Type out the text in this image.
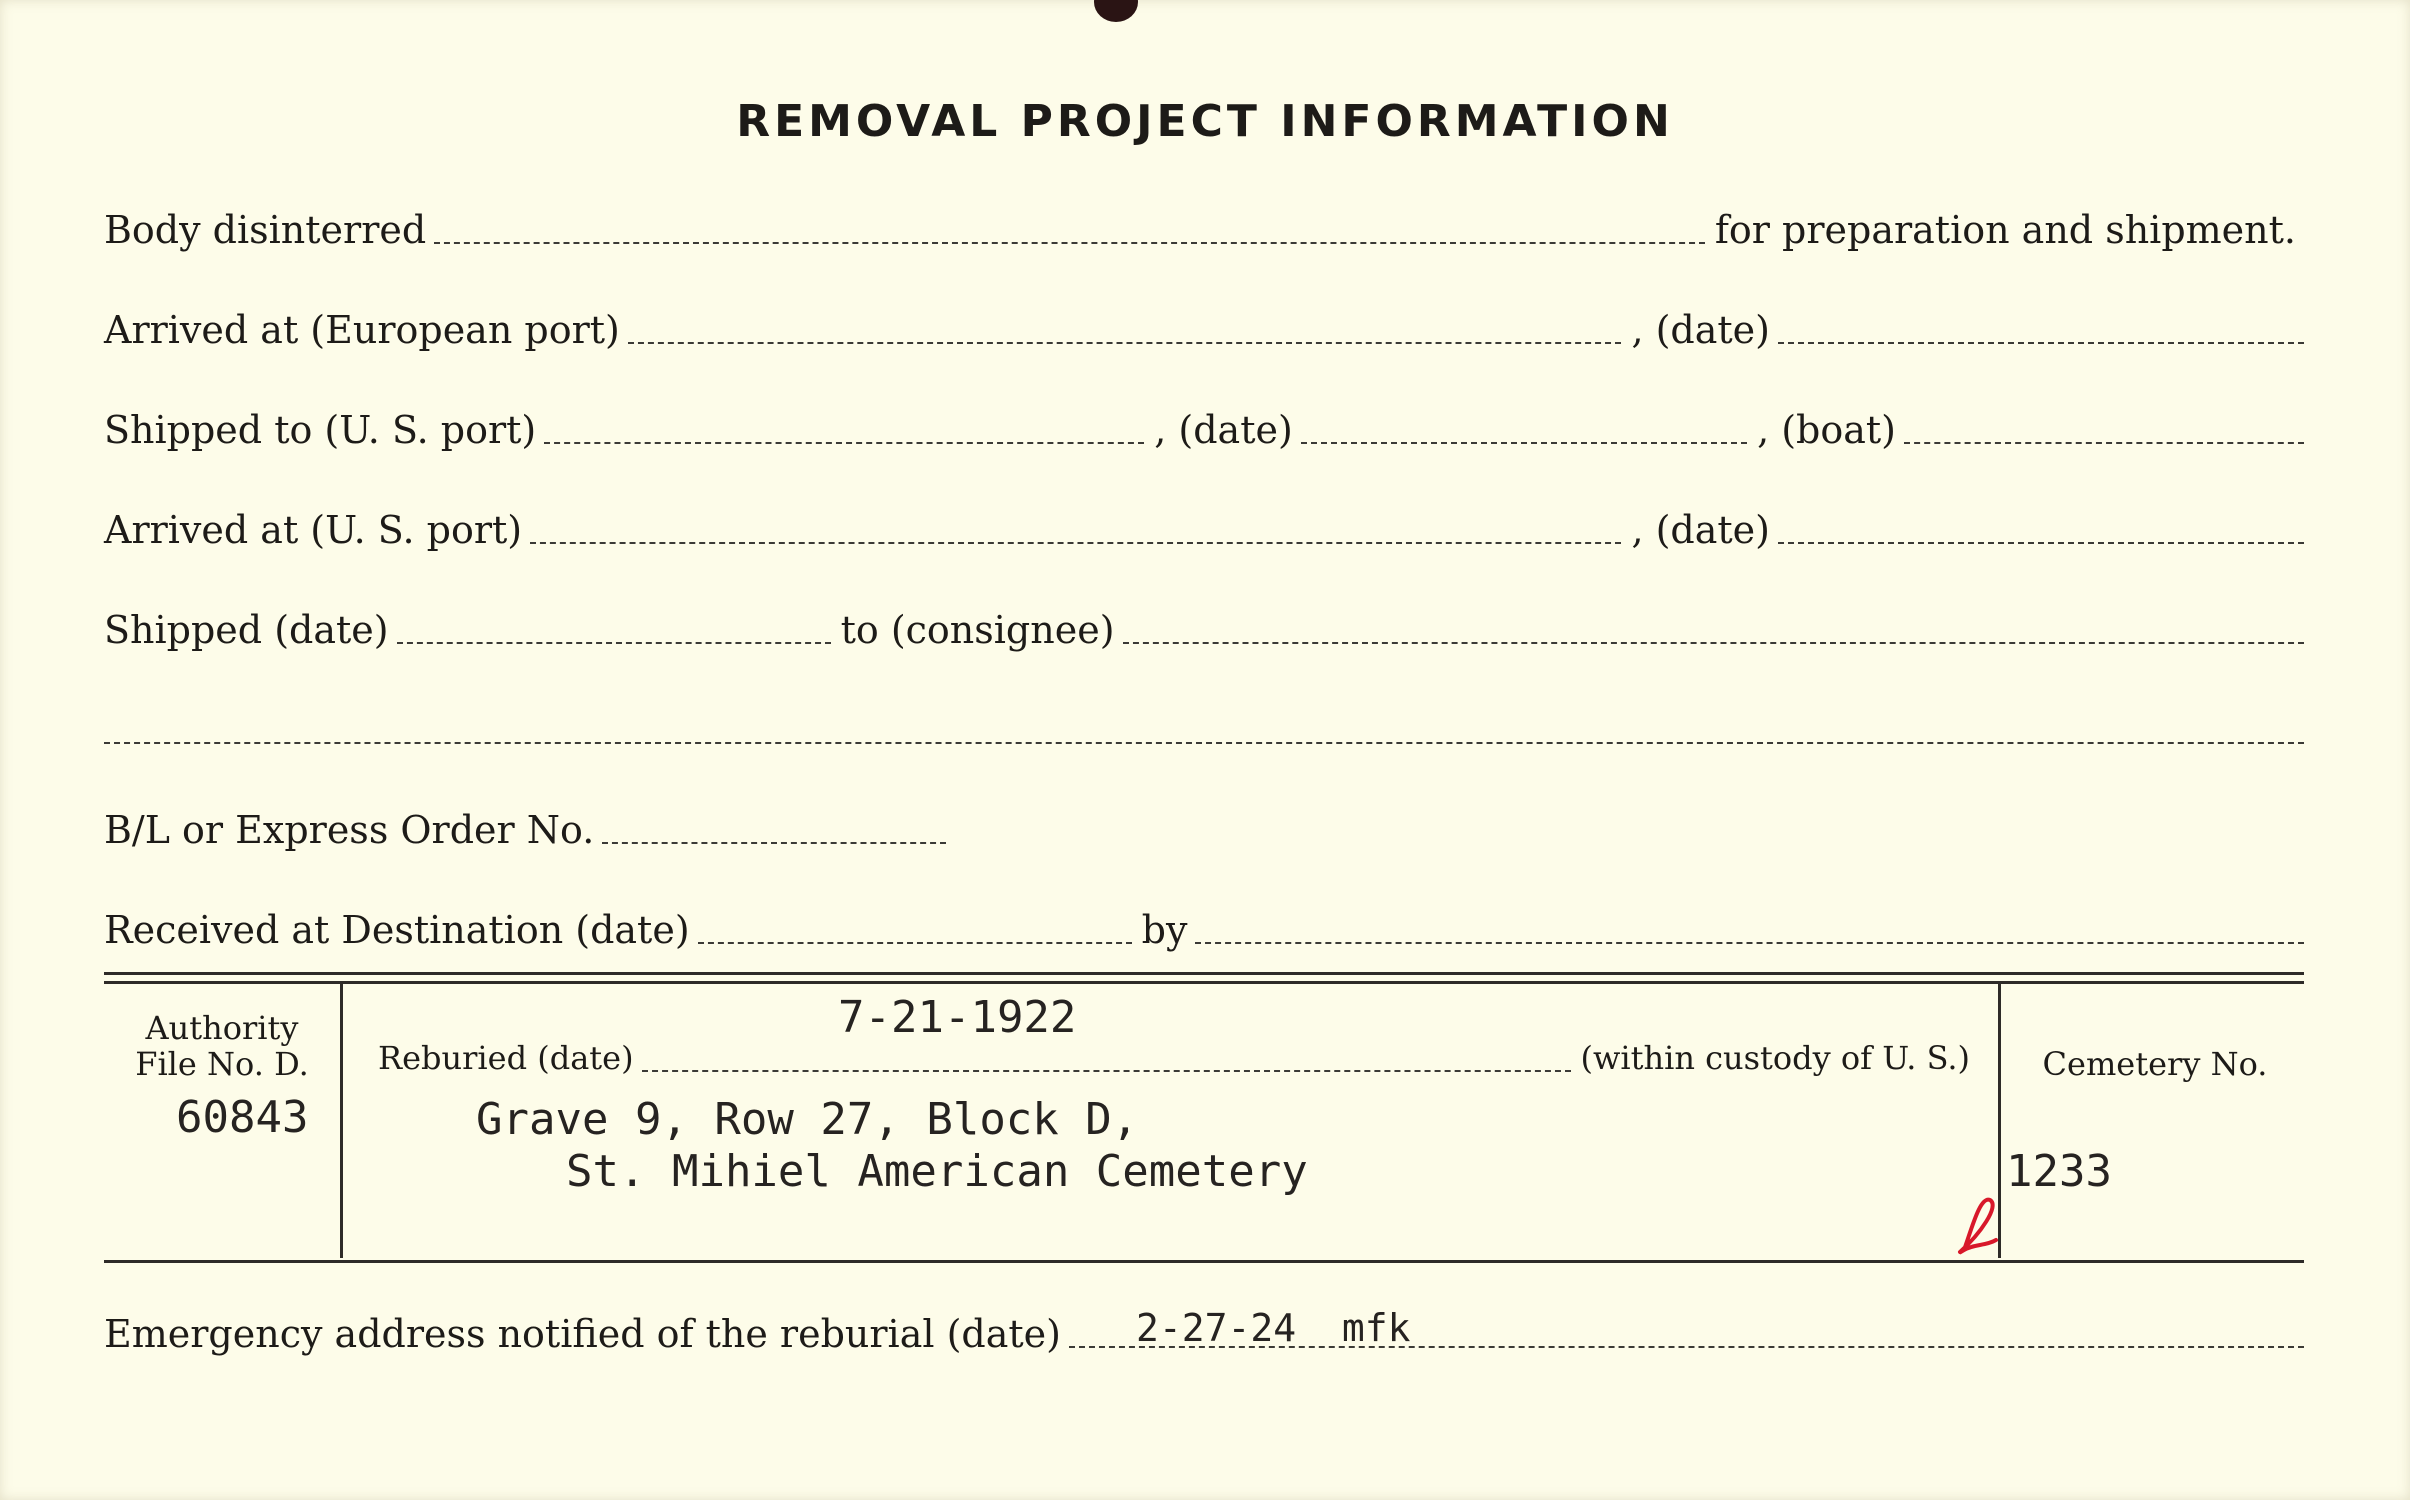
REMOVAL PROJECT INFORMATION
Body disinterred	for preparation and shipment.
Arrived at (European port)	, (date)
Shipped to (U. S. port)	, (date)	, (boat)
Arrived at (U. S. port)	, (date)
Shipped (date)	to (consignee)
B/L or Express Order No.
Received at Destination (date)	by
Authority
File No. D.
60843
7-21-1922
Reburied (date)	(within custody of U. S.)
Grave 9, Row 27, Block D,
St. Mihiel American Cemetery
Cemetery No.
1233
Emergency address notified of the reburial (date) 2-27-24  mfk
